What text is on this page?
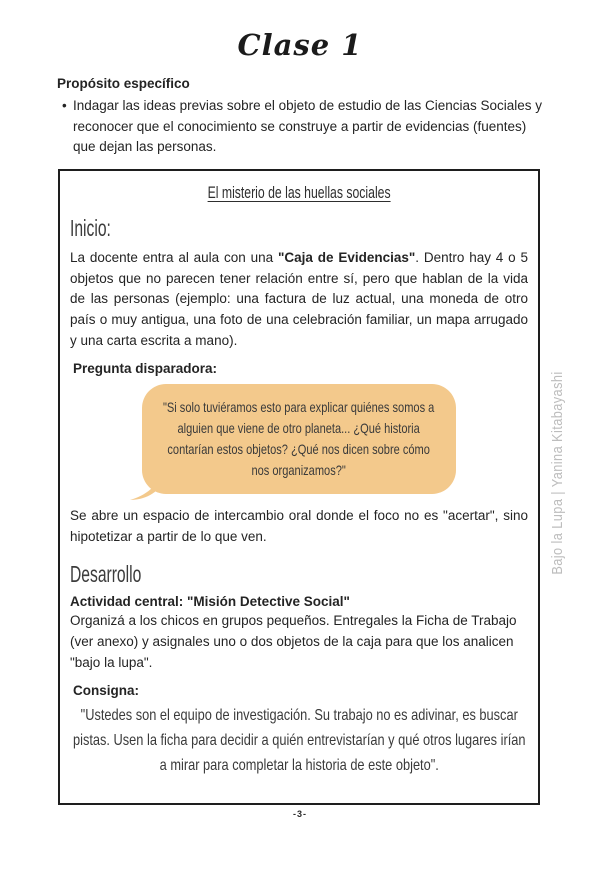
Clase 1
Propósito específico
• Indagar las ideas previas sobre el objeto de estudio de las Ciencias Sociales y reconocer que el conocimiento se construye a partir de evidencias (fuentes) que dejan las personas.
El misterio de las huellas sociales
Inicio:

La docente entra al aula con una "Caja de Evidencias". Dentro hay 4 o 5 objetos que no parecen tener relación entre sí, pero que hablan de la vida de las personas (ejemplo: una factura de luz actual, una moneda de otro país o muy antigua, una foto de una celebración familiar, un mapa arrugado y una carta escrita a mano).

Pregunta disparadora:
"Si solo tuviéramos esto para explicar quiénes somos a alguien que viene de otro planeta... ¿Qué historia contarían estos objetos? ¿Qué nos dicen sobre cómo nos organizamos?"

Se abre un espacio de intercambio oral donde el foco no es "acertar", sino hipotetizar a partir de lo que ven.

Desarrollo
Actividad central: "Misión Detective Social"

Organizá a los chicos en grupos pequeños. Entregales la Ficha de Trabajo (ver anexo) y asignales uno o dos objetos de la caja para que los analicen "bajo la lupa".

Consigna:
"Ustedes son el equipo de investigación. Su trabajo no es adivinar, es buscar pistas. Usen la ficha para decidir a quién entrevistarían y qué otros lugares irían a mirar para completar la historia de este objeto".
-3-
Bajo la Lupa | Yanina Kitabayashi
